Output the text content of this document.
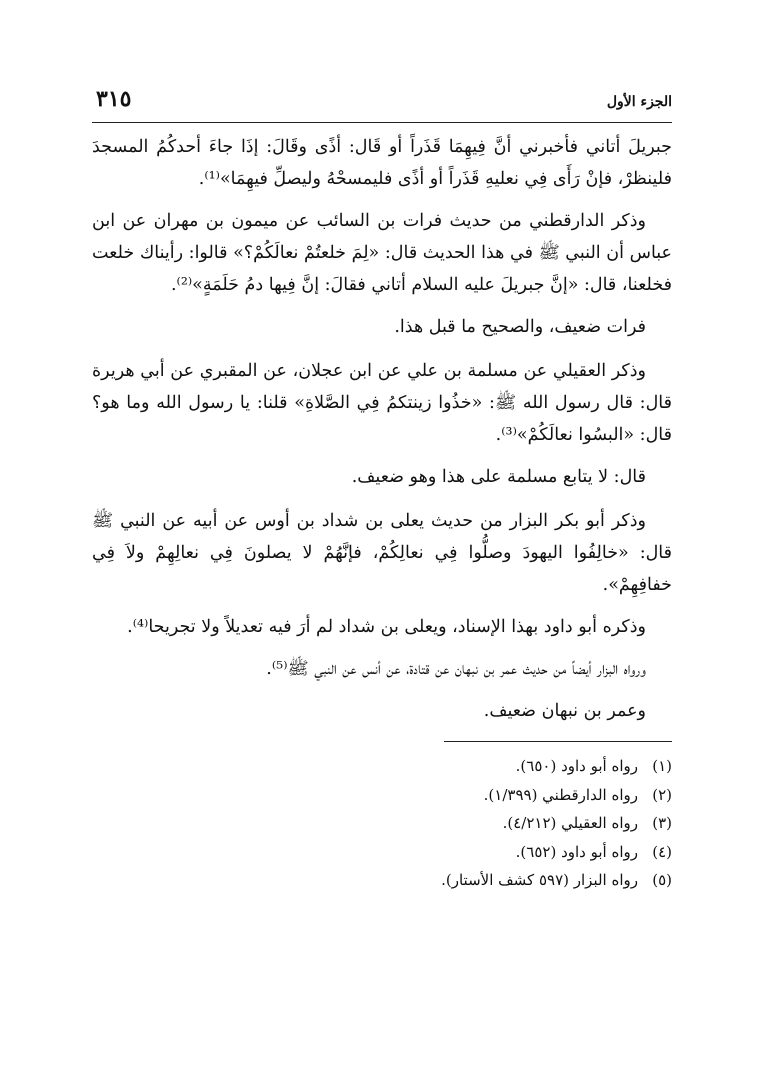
الجزء الأول
٣١٥

جبريلَ أتاني فأخبرني أنَّ فِيهِمَا قَذَراً أو قَال: أذًى وقَالَ: إذَا جاءَ أحدكُمُ المسجدَ فلينظرْ، فإنْ رَأَى فِي نعليهِ قَذَراً أو أذًى فليمسحْهُ وليصلِّ فيهِمَا»⁽¹⁾.

وذكر الدارقطني من حديث فرات بن السائب عن ميمون بن مهران عن ابن عباس أن النبي ﷺ في هذا الحديث قال: «لِمَ خلعتُمْ نعالَكُمْ؟» قالوا: رأيناك خلعت فخلعنا، قال: «إنَّ جبريلَ عليه السلام أتاني فقالَ: إنَّ فِيها دمُ حَلَمَةٍ»⁽²⁾.

فرات ضعيف، والصحيح ما قبل هذا.

وذكر العقيلي عن مسلمة بن علي عن ابن عجلان، عن المقبري عن أبي هريرة قال: قال رسول الله ﷺ: «خذُوا زينتكمُ فِي الصَّلاةِ» قلنا: يا رسول الله وما هو؟ قال: «البسُوا نعالَكُمْ»⁽³⁾.

قال: لا يتابع مسلمة على هذا وهو ضعيف.

وذكر أبو بكر البزار من حديث يعلى بن شداد بن أوس عن أبيه عن النبي ﷺ قال: «خالِفُوا اليهودَ وصلُّوا فِي نعالِكُمْ، فإنَّهُمْ لا يصلونَ فِي نعالِهِمْ ولاَ فِي خفافِهِمْ».

وذكره أبو داود بهذا الإسناد، ويعلى بن شداد لم أرَ فيه تعديلاً ولا تجريحا⁽⁴⁾.

ورواه البزار أيضاً من حديث عمر بن نبهان عن قتادة، عن أنس عن النبي ﷺ⁽⁵⁾.

وعمر بن نبهان ضعيف.

(١)رواه أبو داود (٦٥٠).
(٢)رواه الدارقطني (١/٣٩٩).
(٣)رواه العقيلي (٤/٢١٢).
(٤)رواه أبو داود (٦٥٢).
(٥)رواه البزار (٥٩٧ كشف الأستار).
